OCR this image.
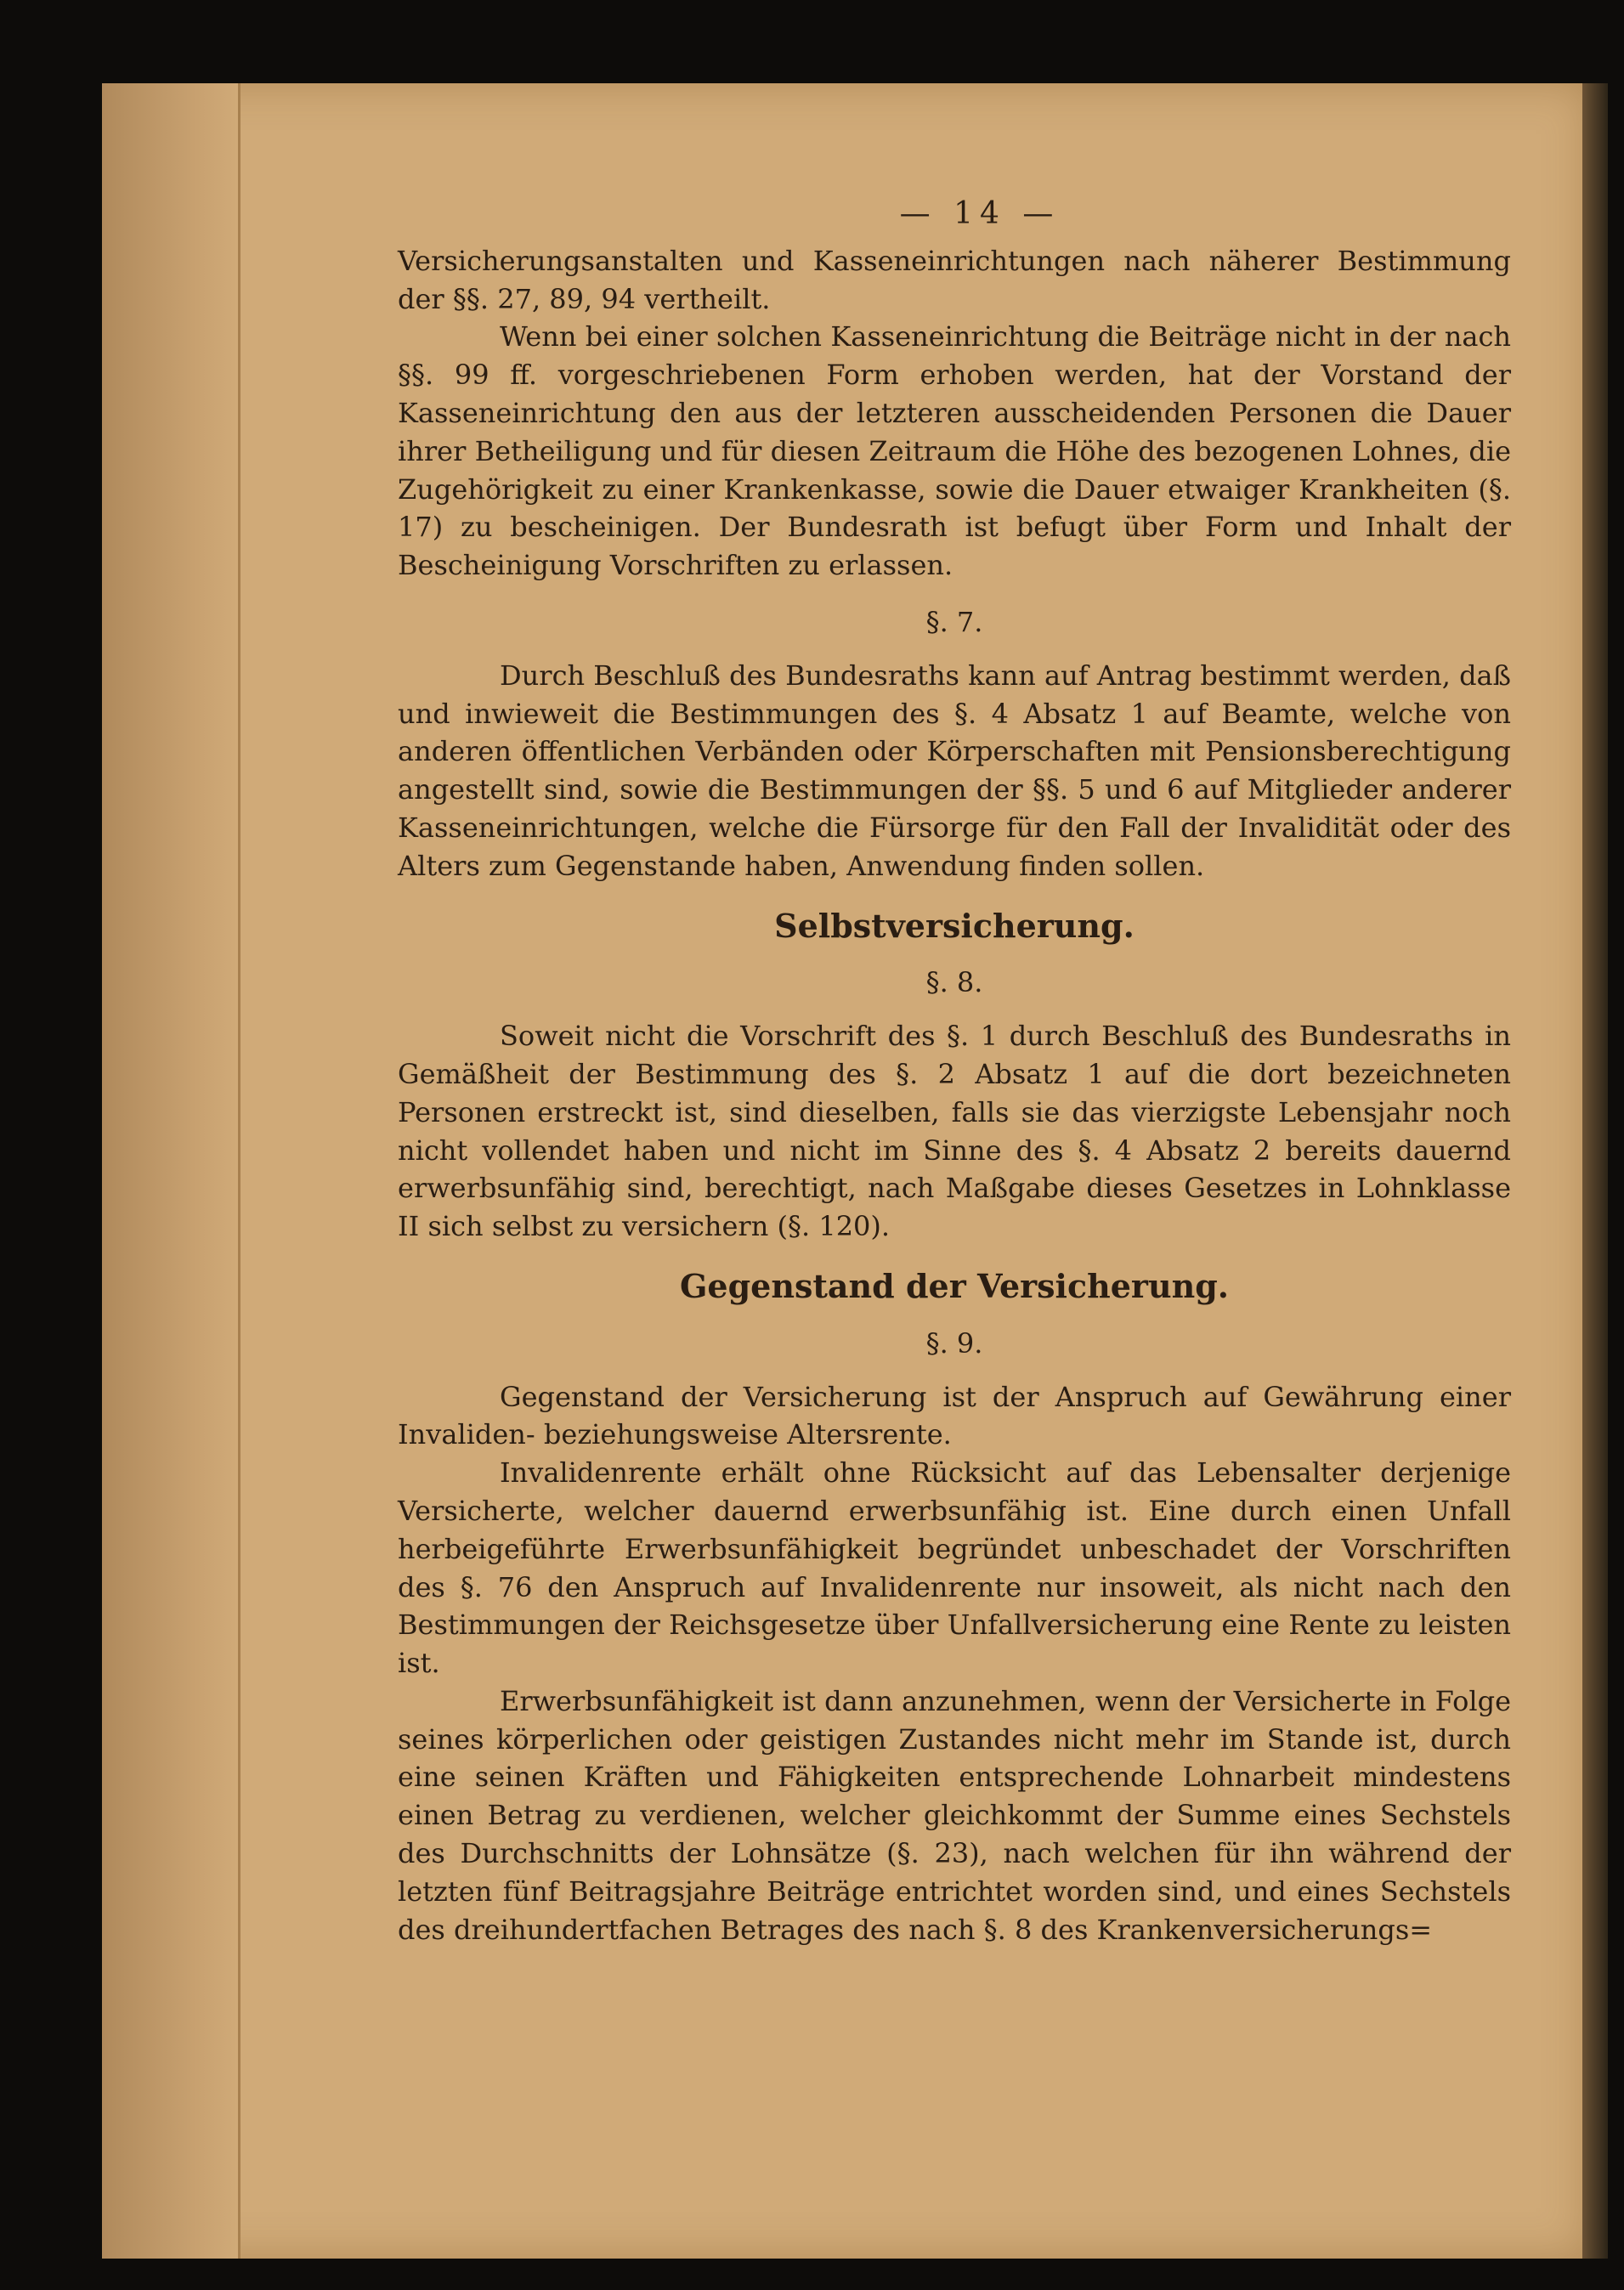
— 14 —

Versicherungsanstalten und Kasseneinrichtungen nach näherer Bestimmung der §§. 27, 89, 94 vertheilt.

Wenn bei einer solchen Kasseneinrichtung die Beiträge nicht in der nach §§. 99 ff. vorgeschriebenen Form erhoben werden, hat der Vorstand der Kasseneinrichtung den aus der letzteren ausscheidenden Personen die Dauer ihrer Betheiligung und für diesen Zeitraum die Höhe des bezogenen Lohnes, die Zugehörigkeit zu einer Krankenkasse, sowie die Dauer etwaiger Krankheiten (§. 17) zu bescheinigen. Der Bundesrath ist befugt über Form und Inhalt der Bescheinigung Vorschriften zu erlassen.

§. 7.

Durch Beschluß des Bundesraths kann auf Antrag bestimmt werden, daß und inwieweit die Bestimmungen des §. 4 Absatz 1 auf Beamte, welche von anderen öffentlichen Verbänden oder Körperschaften mit Pensionsberechtigung angestellt sind, sowie die Bestimmungen der §§. 5 und 6 auf Mitglieder anderer Kasseneinrichtungen, welche die Fürsorge für den Fall der Invalidität oder des Alters zum Gegenstande haben, Anwendung finden sollen.

Selbstversicherung.
§. 8.

Soweit nicht die Vorschrift des §. 1 durch Beschluß des Bundesraths in Gemäßheit der Bestimmung des §. 2 Absatz 1 auf die dort bezeichneten Personen erstreckt ist, sind dieselben, falls sie das vierzigste Lebensjahr noch nicht vollendet haben und nicht im Sinne des §. 4 Absatz 2 bereits dauernd erwerbsunfähig sind, berechtigt, nach Maßgabe dieses Gesetzes in Lohnklasse II sich selbst zu versichern (§. 120).

Gegenstand der Versicherung.
§. 9.

Gegenstand der Versicherung ist der Anspruch auf Gewährung einer Invaliden- beziehungsweise Altersrente.

Invalidenrente erhält ohne Rücksicht auf das Lebensalter derjenige Versicherte, welcher dauernd erwerbsunfähig ist. Eine durch einen Unfall herbeigeführte Erwerbsunfähigkeit begründet unbeschadet der Vorschriften des §. 76 den Anspruch auf Invalidenrente nur insoweit, als nicht nach den Bestimmungen der Reichsgesetze über Unfallversicherung eine Rente zu leisten ist.

Erwerbsunfähigkeit ist dann anzunehmen, wenn der Versicherte in Folge seines körperlichen oder geistigen Zustandes nicht mehr im Stande ist, durch eine seinen Kräften und Fähigkeiten entsprechende Lohnarbeit mindestens einen Betrag zu verdienen, welcher gleichkommt der Summe eines Sechstels des Durchschnitts der Lohnsätze (§. 23), nach welchen für ihn während der letzten fünf Beitragsjahre Beiträge entrichtet worden sind, und eines Sechstels des dreihundertfachen Betrages des nach §. 8 des Krankenversicherungs=
